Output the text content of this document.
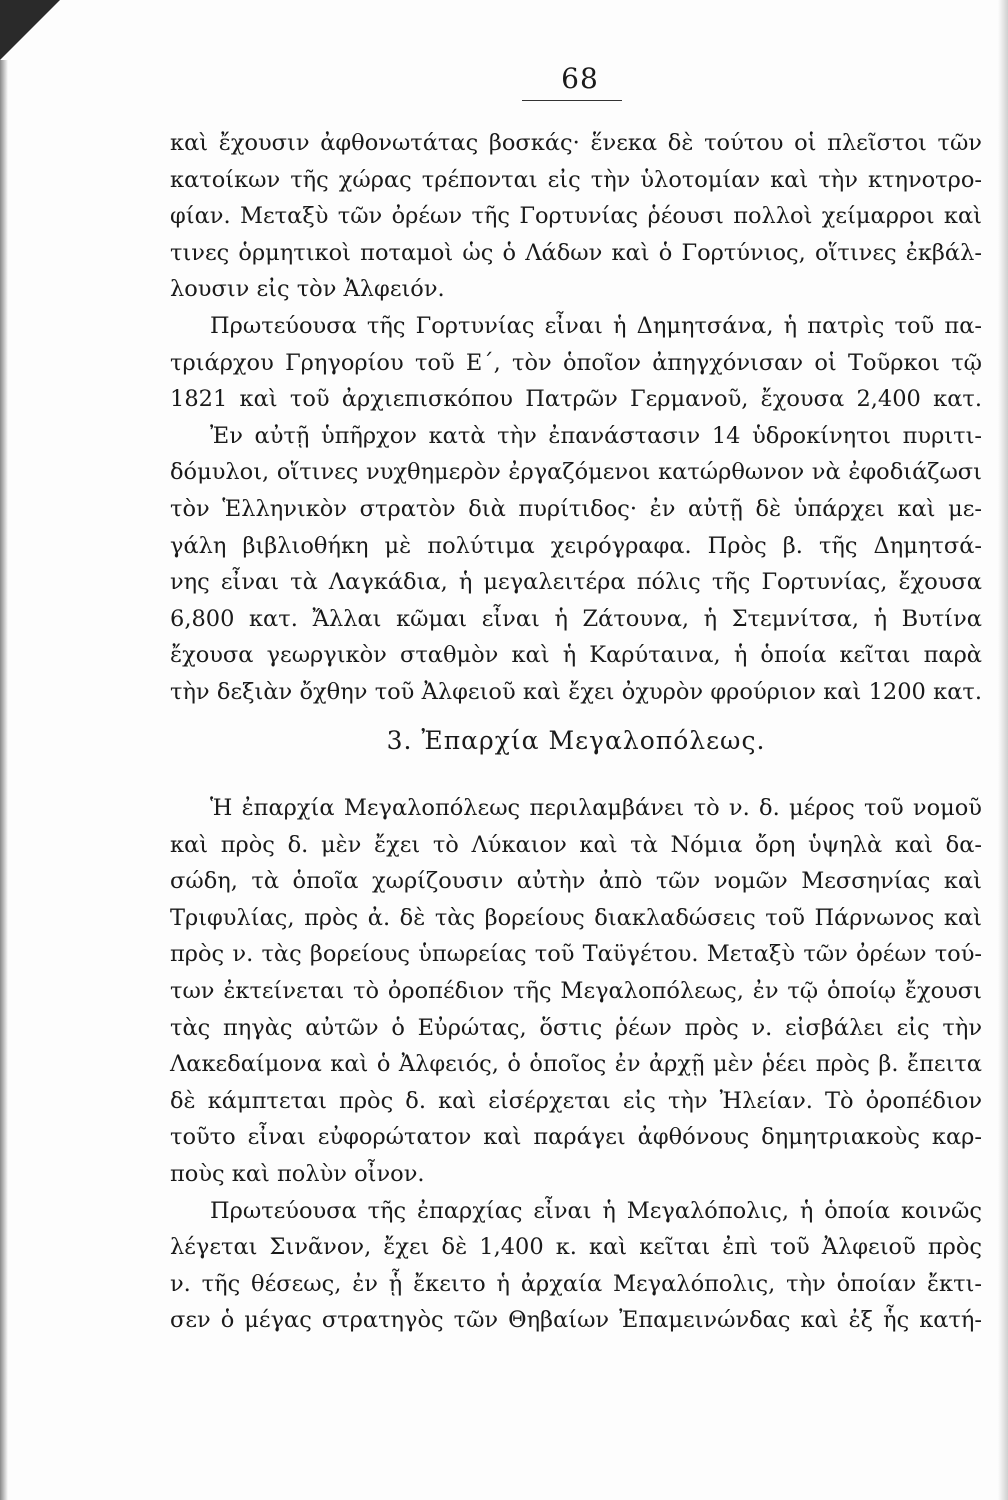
68
καὶ ἔχουσιν ἀφθονωτάτας βοσκάς· ἕνεκα δὲ τούτου οἱ πλεῖστοι τῶν
κατοίκων τῆς χώρας τρέπονται εἰς τὴν ὑλοτομίαν καὶ τὴν κτηνοτρο-
φίαν. Μεταξὺ τῶν ὀρέων τῆς Γορτυνίας ῥέουσι πολλοὶ χείμαρροι καὶ
τινες ὁρμητικοὶ ποταμοὶ ὡς ὁ Λάδων καὶ ὁ Γορτύνιος, οἵτινες ἐκβάλ-
λουσιν εἰς τὸν Ἀλφειόν.
Πρωτεύουσα τῆς Γορτυνίας εἶναι ἡ Δημητσάνα, ἡ πατρὶς τοῦ πα-
τριάρχου Γρηγορίου τοῦ Ε΄, τὸν ὁποῖον ἀπηγχόνισαν οἱ Τοῦρκοι τῷ
1821 καὶ τοῦ ἀρχιεπισκόπου Πατρῶν Γερμανοῦ, ἔχουσα 2,400 κατ.
Ἐν αὐτῇ ὑπῆρχον κατὰ τὴν ἐπανάστασιν 14 ὑδροκίνητοι πυριτι-
δόμυλοι, οἵτινες νυχθημερὸν ἐργαζόμενοι κατώρθωνον νὰ ἐφοδιάζωσι
τὸν Ἑλληνικὸν στρατὸν διὰ πυρίτιδος· ἐν αὐτῇ δὲ ὑπάρχει καὶ με-
γάλη βιβλιοθήκη μὲ πολύτιμα χειρόγραφα. Πρὸς β. τῆς Δημητσά-
νης εἶναι τὰ Λαγκάδια, ἡ μεγαλειτέρα πόλις τῆς Γορτυνίας, ἔχουσα
6,800 κατ. Ἄλλαι κῶμαι εἶναι ἡ Ζάτουνα, ἡ Στεμνίτσα, ἡ Βυτίνα
ἔχουσα γεωργικὸν σταθμὸν καὶ ἡ Καρύταινα, ἡ ὁποία κεῖται παρὰ
τὴν δεξιὰν ὄχθην τοῦ Ἀλφειοῦ καὶ ἔχει ὀχυρὸν φρούριον καὶ 1200 κατ.
3. Ἐπαρχία Μεγαλοπόλεως.
Ἡ ἐπαρχία Μεγαλοπόλεως περιλαμβάνει τὸ ν. δ. μέρος τοῦ νομοῦ
καὶ πρὸς δ. μὲν ἔχει τὸ Λύκαιον καὶ τὰ Νόμια ὄρη ὑψηλὰ καὶ δα-
σώδη, τὰ ὁποῖα χωρίζουσιν αὐτὴν ἀπὸ τῶν νομῶν Μεσσηνίας καὶ
Τριφυλίας, πρὸς ἀ. δὲ τὰς βορείους διακλαδώσεις τοῦ Πάρνωνος καὶ
πρὸς ν. τὰς βορείους ὑπωρείας τοῦ Ταϋγέτου. Μεταξὺ τῶν ὀρέων τού-
των ἐκτείνεται τὸ ὀροπέδιον τῆς Μεγαλοπόλεως, ἐν τῷ ὁποίῳ ἔχουσι
τὰς πηγὰς αὐτῶν ὁ Εὐρώτας, ὅστις ῥέων πρὸς ν. εἰσβάλει εἰς τὴν
Λακεδαίμονα καὶ ὁ Ἀλφειός, ὁ ὁποῖος ἐν ἀρχῇ μὲν ῥέει πρὸς β. ἔπειτα
δὲ κάμπτεται πρὸς δ. καὶ εἰσέρχεται εἰς τὴν Ἠλείαν. Τὸ ὀροπέδιον
τοῦτο εἶναι εὐφορώτατον καὶ παράγει ἀφθόνους δημητριακοὺς καρ-
ποὺς καὶ πολὺν οἶνον.
Πρωτεύουσα τῆς ἐπαρχίας εἶναι ἡ Μεγαλόπολις, ἡ ὁποία κοινῶς
λέγεται Σινᾶνον, ἔχει δὲ 1,400 κ. καὶ κεῖται ἐπὶ τοῦ Ἀλφειοῦ πρὸς
ν. τῆς θέσεως, ἐν ᾗ ἔκειτο ἡ ἀρχαία Μεγαλόπολις, τὴν ὁποίαν ἔκτι-
σεν ὁ μέγας στρατηγὸς τῶν Θηβαίων Ἐπαμεινώνδας καὶ ἐξ ἧς κατή-
